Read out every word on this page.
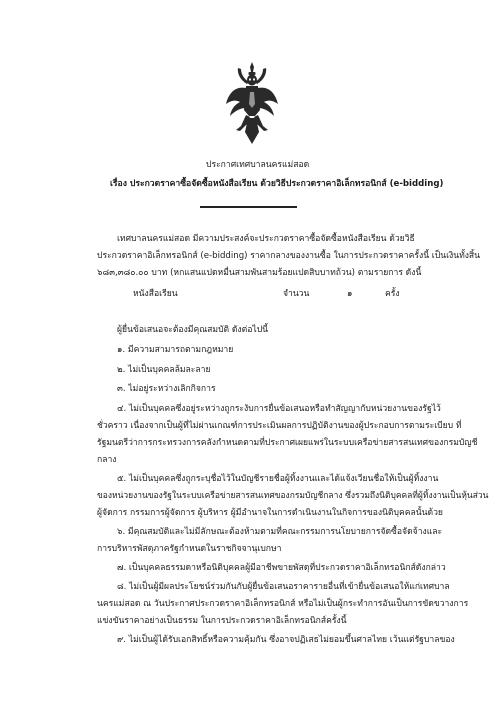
ประกาศเทศบาลนครแม่สอด
เรื่อง ประกวดราคาซื้อจัดซื้อหนังสือเรียน ด้วยวิธีประกวดราคาอิเล็กทรอนิกส์ (e-bidding)
เทศบาลนครแม่สอด มีความประสงค์จะประกวดราคาซื้อจัดซื้อหนังสือเรียน ด้วยวิธี
ประกวดราคาอิเล็กทรอนิกส์ (e-bidding) ราคากลางของงานซื้อ ในการประกวดราคาครั้งนี้ เป็นเงินทั้งสิ้น
๖๘๓,๓๘๐.๐๐ บาท (หกแสนแปดหมื่นสามพันสามร้อยแปดสิบบาทถ้วน) ตามรายการ ดังนี้
หนังสือเรียน	จำนวน	๑	ครั้ง
ผู้ยื่นข้อเสนอจะต้องมีคุณสมบัติ ดังต่อไปนี้
๑. มีความสามารถตามกฎหมาย
๒. ไม่เป็นบุคคลล้มละลาย
๓. ไม่อยู่ระหว่างเลิกกิจการ
๔. ไม่เป็นบุคคลซึ่งอยู่ระหว่างถูกระงับการยื่นข้อเสนอหรือทำสัญญากับหน่วยงานของรัฐไว้
ชั่วคราว เนื่องจากเป็นผู้ที่ไม่ผ่านเกณฑ์การประเมินผลการปฏิบัติงานของผู้ประกอบการตามระเบียบ ที่
รัฐมนตรีว่าการกระทรวงการคลังกำหนดตามที่ประกาศเผยแพร่ในระบบเครือข่ายสารสนเทศของกรมบัญชี
กลาง
๕. ไม่เป็นบุคคลซึ่งถูกระบุชื่อไว้ในบัญชีรายชื่อผู้ทิ้งงานและได้แจ้งเวียนชื่อให้เป็นผู้ทิ้งงาน
ของหน่วยงานของรัฐในระบบเครือข่ายสารสนเทศของกรมบัญชีกลาง ซึ่งรวมถึงนิติบุคคลที่ผู้ทิ้งงานเป็นหุ้นส่วน
ผู้จัดการ กรรมการผู้จัดการ ผู้บริหาร ผู้มีอำนาจในการดำเนินงานในกิจการของนิติบุคคลนั้นด้วย
๖. มีคุณสมบัติและไม่มีลักษณะต้องห้ามตามที่คณะกรรมการนโยบายการจัดซื้อจัดจ้างและ
การบริหารพัสดุภาครัฐกำหนดในราชกิจจานุเบกษา
๗. เป็นบุคคลธรรมดาหรือนิติบุคคลผู้มีอาชีพขายพัสดุที่ประกวดราคาอิเล็กทรอนิกส์ดังกล่าว
๘. ไม่เป็นผู้มีผลประโยชน์ร่วมกันกับผู้ยื่นข้อเสนอราคารายอื่นที่เข้ายื่นข้อเสนอให้แก่เทศบาล
นครแม่สอด ณ วันประกาศประกวดราคาอิเล็กทรอนิกส์ หรือไม่เป็นผู้กระทำการอันเป็นการขัดขวางการ
แข่งขันราคาอย่างเป็นธรรม ในการประกวดราคาอิเล็กทรอนิกส์ครั้งนี้
๙. ไม่เป็นผู้ได้รับเอกสิทธิ์หรือความคุ้มกัน ซึ่งอาจปฏิเสธไม่ยอมขึ้นศาลไทย เว้นแต่รัฐบาลของ
